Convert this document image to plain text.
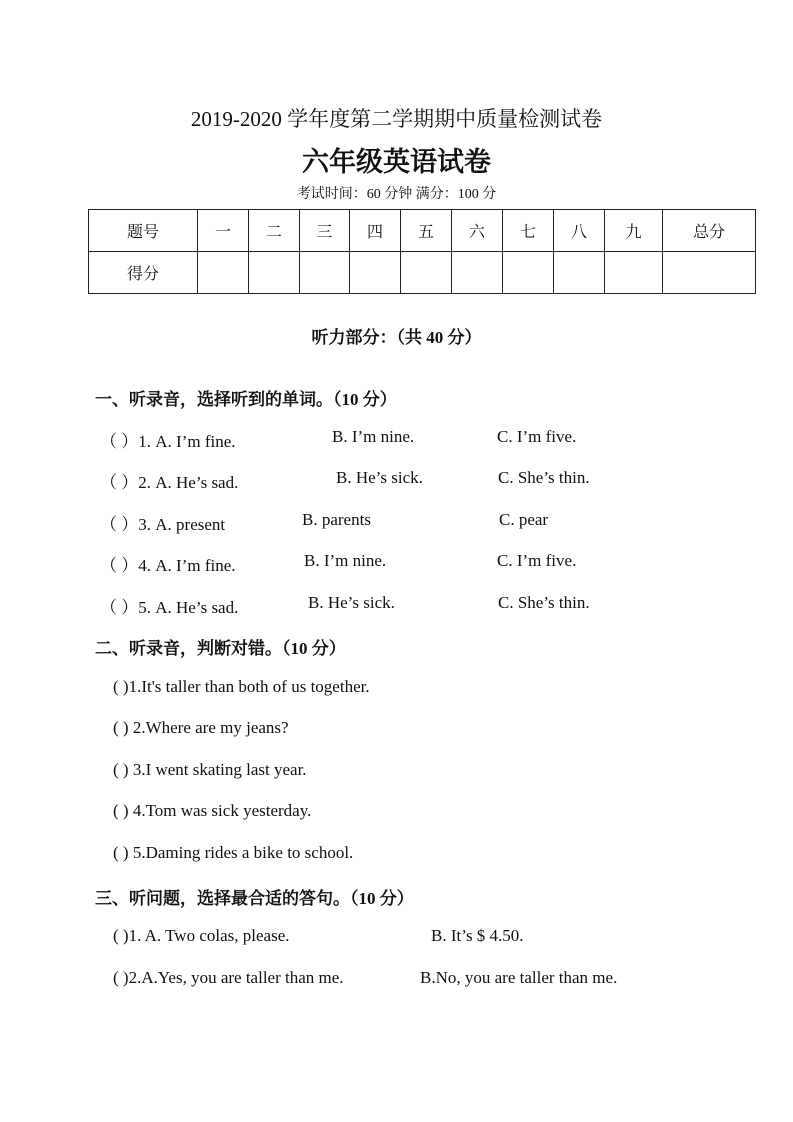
2019-2020 学年度第二学期期中质量检测试卷
六年级英语试卷
考试时间：60 分钟 满分：100 分
题号	一	二	三	四	五	六	七	八	九	总分
得分										
听力部分：（共 40 分）
一、听录音，选择听到的单词。（10 分）
（ ）1. A. I’m fine.	B. I’m nine.	C. I’m five.
（ ）2. A. He’s sad.	B. He’s sick.	C. She’s thin.
（ ）3. A. present	B. parents	C. pear
（ ）4. A. I’m fine.	B. I’m nine.	C. I’m five.
（ ）5. A. He’s sad.	B. He’s sick.	C. She’s thin.
二、听录音，判断对错。（10 分）
( )1.It's taller than both of us together.
( ) 2.Where are my jeans?
( ) 3.I went skating last year.
( ) 4.Tom was sick yesterday.
( ) 5.Daming rides a bike to school.
三、听问题，选择最合适的答句。（10 分）
( )1. A. Two colas, please.	B. It’s $ 4.50.
( )2.A.Yes, you are taller than me.	B.No, you are taller than me.
